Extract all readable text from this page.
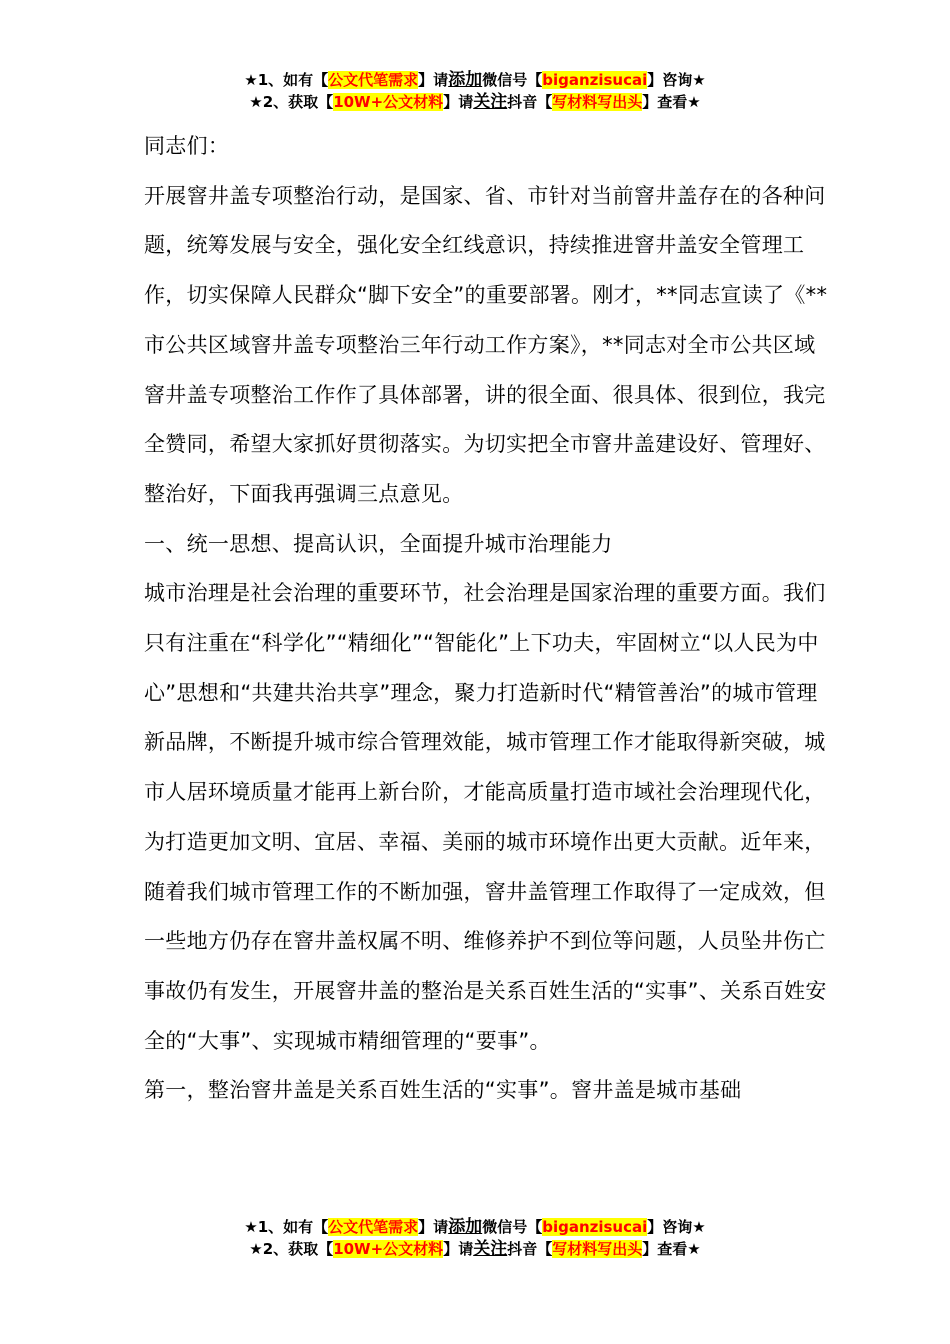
★1、如有【公文代笔需求】请添加微信号【biganzisucai】咨询★
★2、获取【10W+公文材料】请关注抖音【写材料写出头】查看★

同志们：

开展窨井盖专项整治行动，是国家、省、市针对当前窨井盖存在的各种问题，统筹发展与安全，强化安全红线意识，持续推进窨井盖安全管理工作，切实保障人民群众“脚下安全”的重要部署。刚才，**同志宣读了《**市公共区域窨井盖专项整治三年行动工作方案》，**同志对全市公共区域窨井盖专项整治工作作了具体部署，讲的很全面、很具体、很到位，我完全赞同，希望大家抓好贯彻落实。为切实把全市窨井盖建设好、管理好、整治好，下面我再强调三点意见。

一、统一思想、提高认识，全面提升城市治理能力

城市治理是社会治理的重要环节，社会治理是国家治理的重要方面。我们只有注重在“科学化”“精细化”“智能化”上下功夫，牢固树立“以人民为中心”思想和“共建共治共享”理念，聚力打造新时代“精管善治”的城市管理新品牌，不断提升城市综合管理效能，城市管理工作才能取得新突破，城市人居环境质量才能再上新台阶，才能高质量打造市域社会治理现代化，为打造更加文明、宜居、幸福、美丽的城市环境作出更大贡献。近年来，随着我们城市管理工作的不断加强，窨井盖管理工作取得了一定成效，但一些地方仍存在窨井盖权属不明、维修养护不到位等问题，人员坠井伤亡事故仍有发生，开展窨井盖的整治是关系百姓生活的“实事”、关系百姓安全的“大事”、实现城市精细管理的“要事”。

第一，整治窨井盖是关系百姓生活的“实事”。窨井盖是城市基础

★1、如有【公文代笔需求】请添加微信号【biganzisucai】咨询★
★2、获取【10W+公文材料】请关注抖音【写材料写出头】查看★
